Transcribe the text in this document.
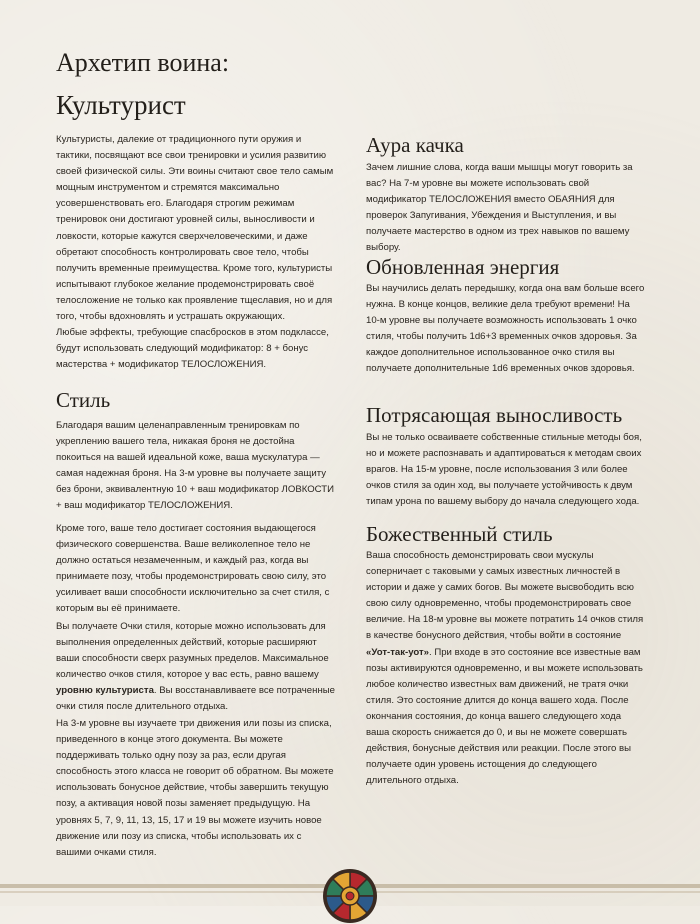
Архетип воина:
Культурист

Культуристы, далекие от традиционного пути оружия и тактики, посвящают все свои тренировки и усилия развитию своей физической силы. Эти воины считают свое тело самым мощным инструментом и стремятся максимально усовершенствовать его. Благодаря строгим режимам тренировок они достигают уровней силы, выносливости и ловкости, которые кажутся сверхчеловеческими, и даже обретают способность контролировать свое тело, чтобы получить временные преимущества. Кроме того, культуристы испытывают глубокое желание продемонстрировать своё телосложение не только как проявление тщеславия, но и для того, чтобы вдохновлять и устрашать окружающих.

Любые эффекты, требующие спасбросков в этом подклассе, будут использовать следующий модификатор: 8 + бонус мастерства + модификатор ТЕЛОСЛОЖЕНИЯ.

Стиль

Благодаря вашим целенаправленным тренировкам по укреплению вашего тела, никакая броня не достойна покоиться на вашей идеальной коже, ваша мускулатура — самая надежная броня. На 3-м уровне вы получаете защиту без брони, эквивалентную 10 + ваш модификатор ЛОВКОСТИ + ваш модификатор ТЕЛОСЛОЖЕНИЯ.

Кроме того, ваше тело достигает состояния выдающегося физического совершенства. Ваше великолепное тело не должно остаться незамеченным, и каждый раз, когда вы принимаете позу, чтобы продемонстрировать свою силу, это усиливает ваши способности исключительно за счет стиля, с которым вы её принимаете.

Вы получаете Очки стиля, которые можно использовать для выполнения определенных действий, которые расширяют ваши способности сверх разумных пределов. Максимальное количество очков стиля, которое у вас есть, равно вашему уровню культуриста. Вы восстанавливаете все потраченные очки стиля после длительного отдыха.

На 3-м уровне вы изучаете три движения или позы из списка, приведенного в конце этого документа. Вы можете поддерживать только одну позу за раз, если другая способность этого класса не говорит об обратном. Вы можете использовать бонусное действие, чтобы завершить текущую позу, а активация новой позы заменяет предыдущую. На уровнях 5, 7, 9, 11, 13, 15, 17 и 19 вы можете изучить новое движение или позу из списка, чтобы использовать их с вашими очками стиля.

Аура качка

Зачем лишние слова, когда ваши мышцы могут говорить за вас? На 7-м уровне вы можете использовать свой модификатор ТЕЛОСЛОЖЕНИЯ вместо ОБАЯНИЯ для проверок Запугивания, Убеждения и Выступления, и вы получаете мастерство в одном из трех навыков по вашему выбору.

Обновленная энергия

Вы научились делать передышку, когда она вам больше всего нужна. В конце концов, великие дела требуют времени! На 10-м уровне вы получаете возможность использовать 1 очко стиля, чтобы получить 1d6+3 временных очков здоровья. За каждое дополнительное использованное очко стиля вы получаете дополнительные 1d6 временных очков здоровья.

Потрясающая выносливость

Вы не только осваиваете собственные стильные методы боя, но и можете распознавать и адаптироваться к методам своих врагов. На 15-м уровне, после использования 3 или более очков стиля за один ход, вы получаете устойчивость к двум типам урона по вашему выбору до начала следующего хода.

Божественный стиль

Ваша способность демонстрировать свои мускулы соперничает с таковыми у самых известных личностей в истории и даже у самих богов. Вы можете высвободить всю свою силу одновременно, чтобы продемонстрировать свое величие. На 18-м уровне вы можете потратить 14 очков стиля в качестве бонусного действия, чтобы войти в состояние «Уот-так-уот». При входе в это состояние все известные вам позы активируются одновременно, и вы можете использовать любое количество известных вам движений, не тратя очки стиля. Это состояние длится до конца вашего хода. После окончания состояния, до конца вашего следующего хода ваша скорость снижается до 0, и вы не можете совершать действия, бонусные действия или реакции. После этого вы получаете один уровень истощения до следующего длительного отдыха.
